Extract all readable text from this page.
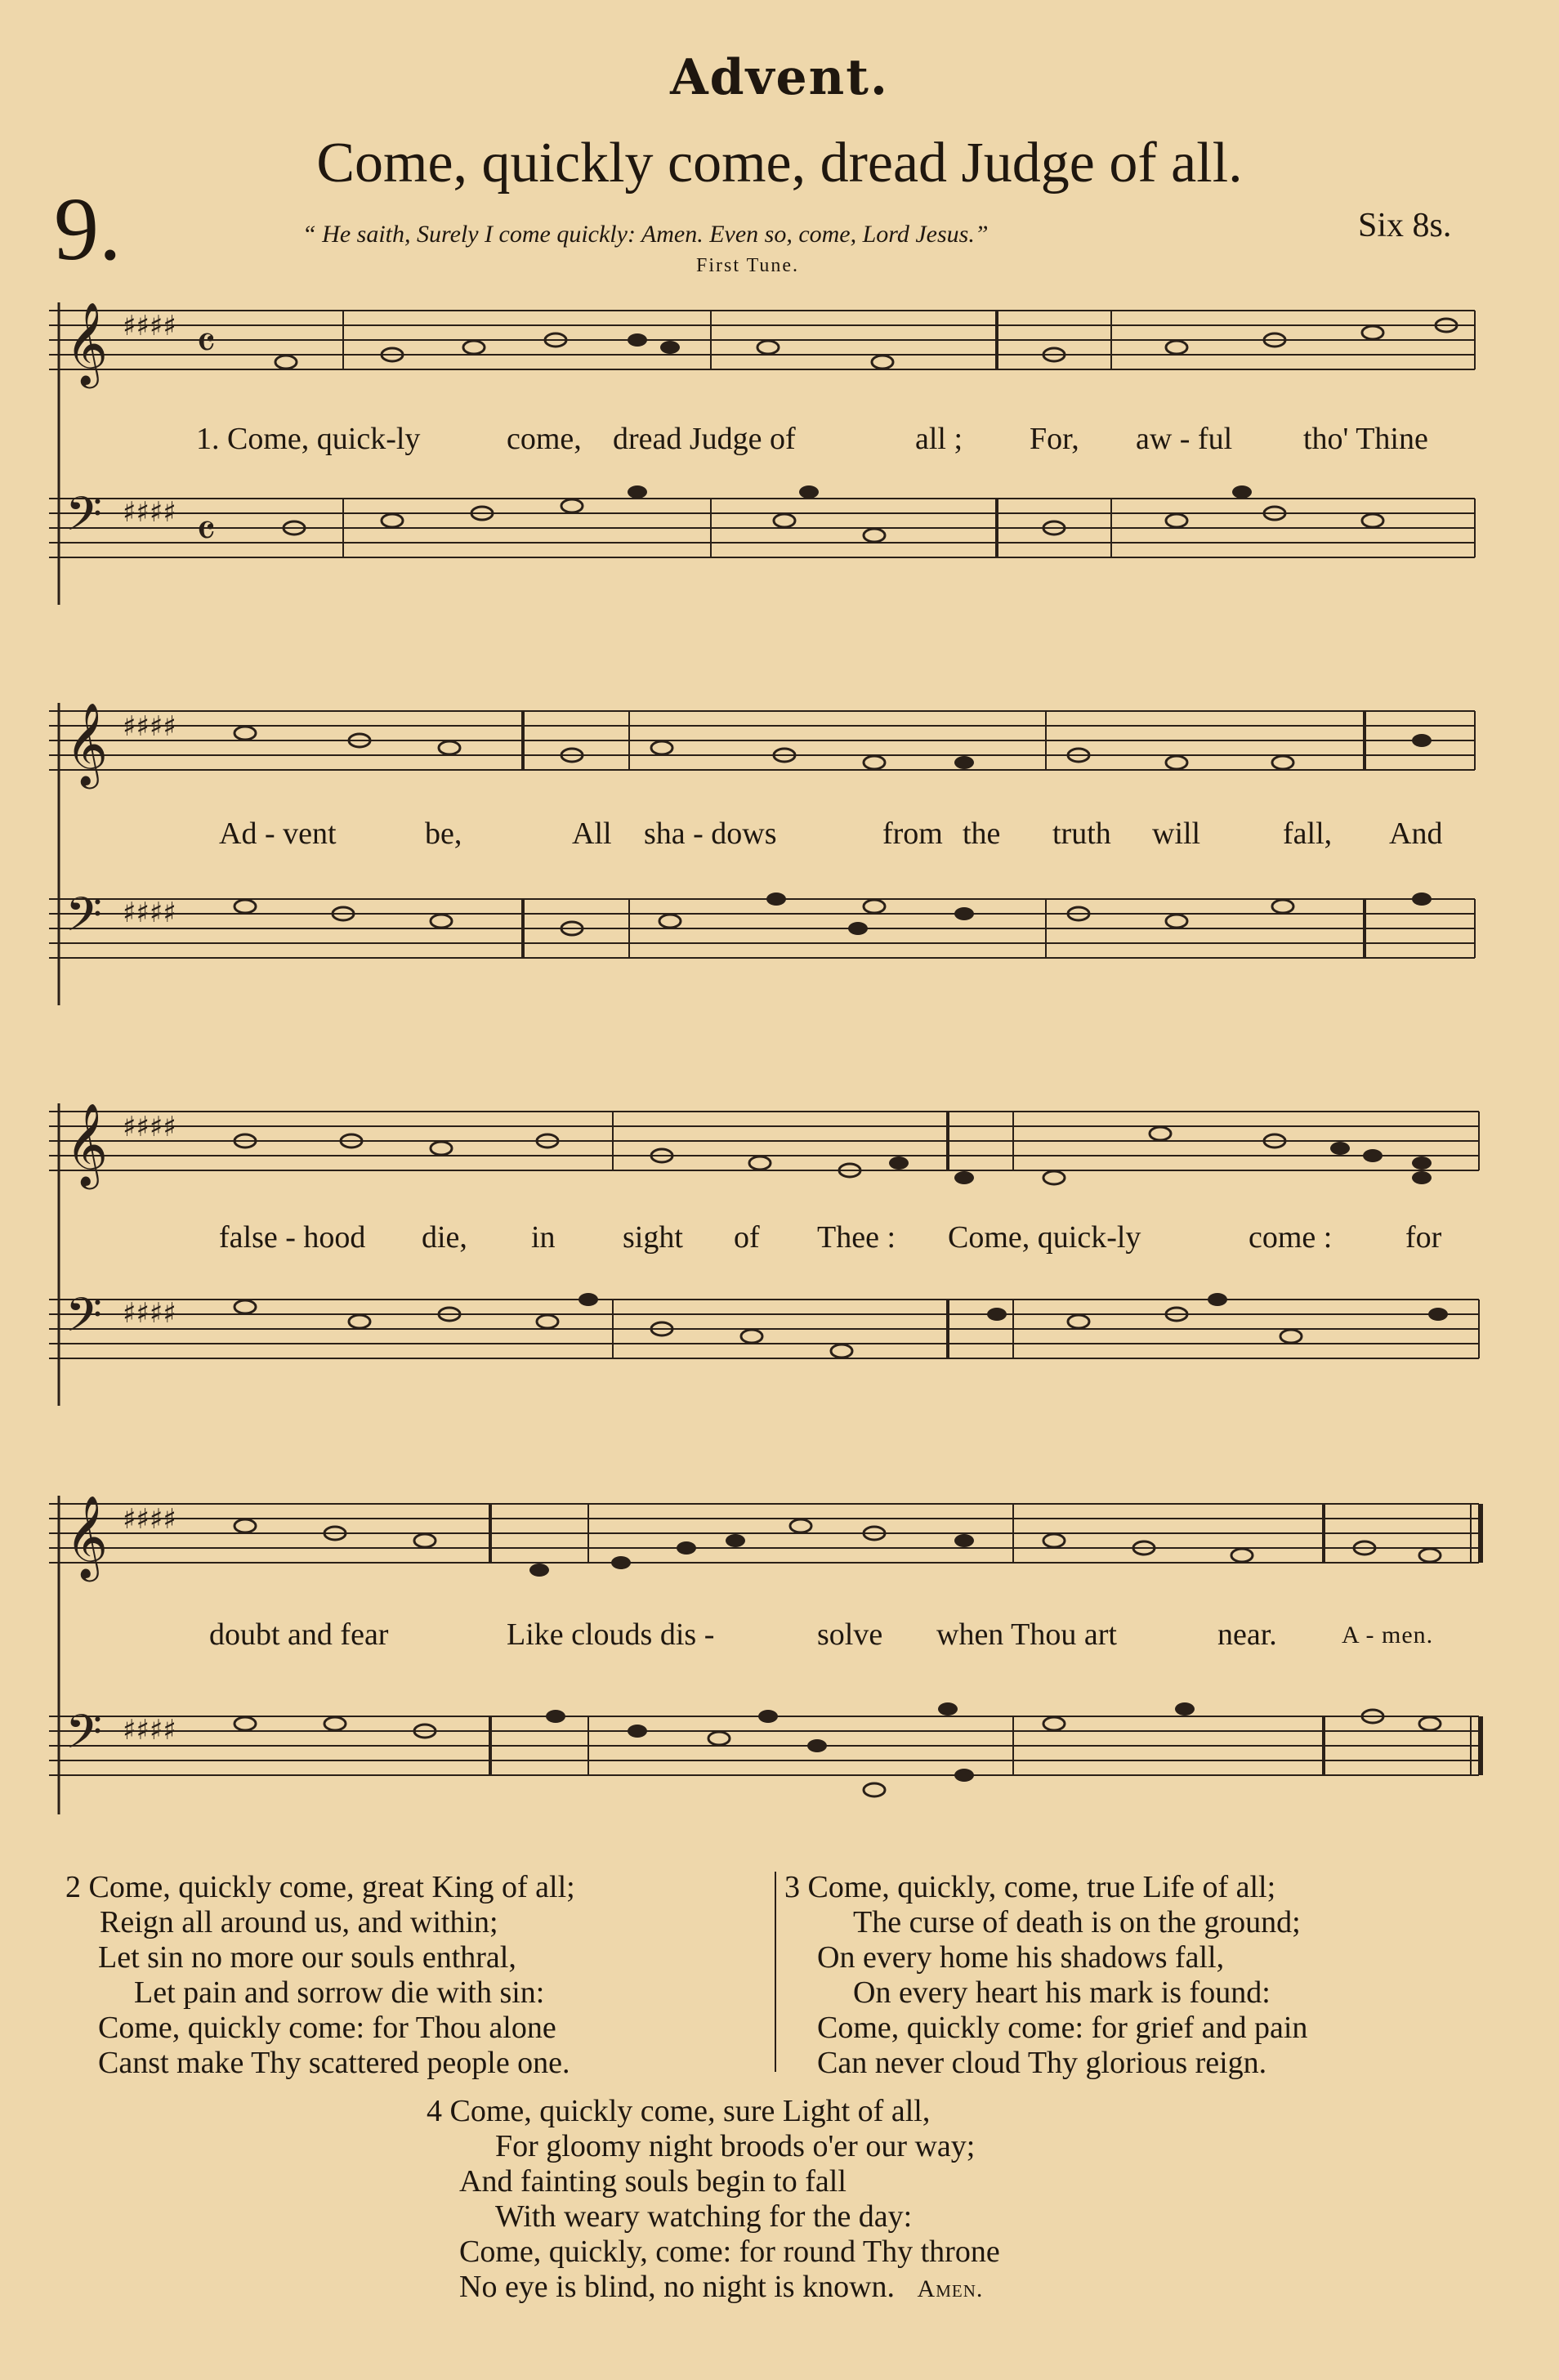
Advent.
9.
Come, quickly come, dread Judge of all.
“ He saith, Surely I come quickly: Amen. Even so, come, Lord Jesus.”	Six 8s.
First Tune.
𝄞
𝄢
♯♯♯♯
♯♯♯♯
𝄴
𝄴
1. Come, quick-ly	come, dread Judge of	all ; For, aw - ful tho' Thine
𝄞
𝄢
♯♯♯♯
♯♯♯♯
Ad - vent	be,	All sha - dows	from the truth will	fall, And
𝄞
𝄢
♯♯♯♯
♯♯♯♯
false - hood die, in sight of Thee : Come, quick-ly	come : for
𝄞
𝄢
♯♯♯♯
♯♯♯♯
doubt and fear	Like clouds dis -	solve when Thou art	near.	A - men.
2 Come, quickly come, great King of all;
Reign all around us, and within;
Let sin no more our souls enthral,
Let pain and sorrow die with sin:
Come, quickly come: for Thou alone
Canst make Thy scattered people one.
3 Come, quickly, come, true Life of all;
The curse of death is on the ground;
On every home his shadows fall,
On every heart his mark is found:
Come, quickly come: for grief and pain
Can never cloud Thy glorious reign.
4 Come, quickly come, sure Light of all,
For gloomy night broods o'er our way;
And fainting souls begin to fall
With weary watching for the day:
Come, quickly, come: for round Thy throne
No eye is blind, no night is known. Amen.
